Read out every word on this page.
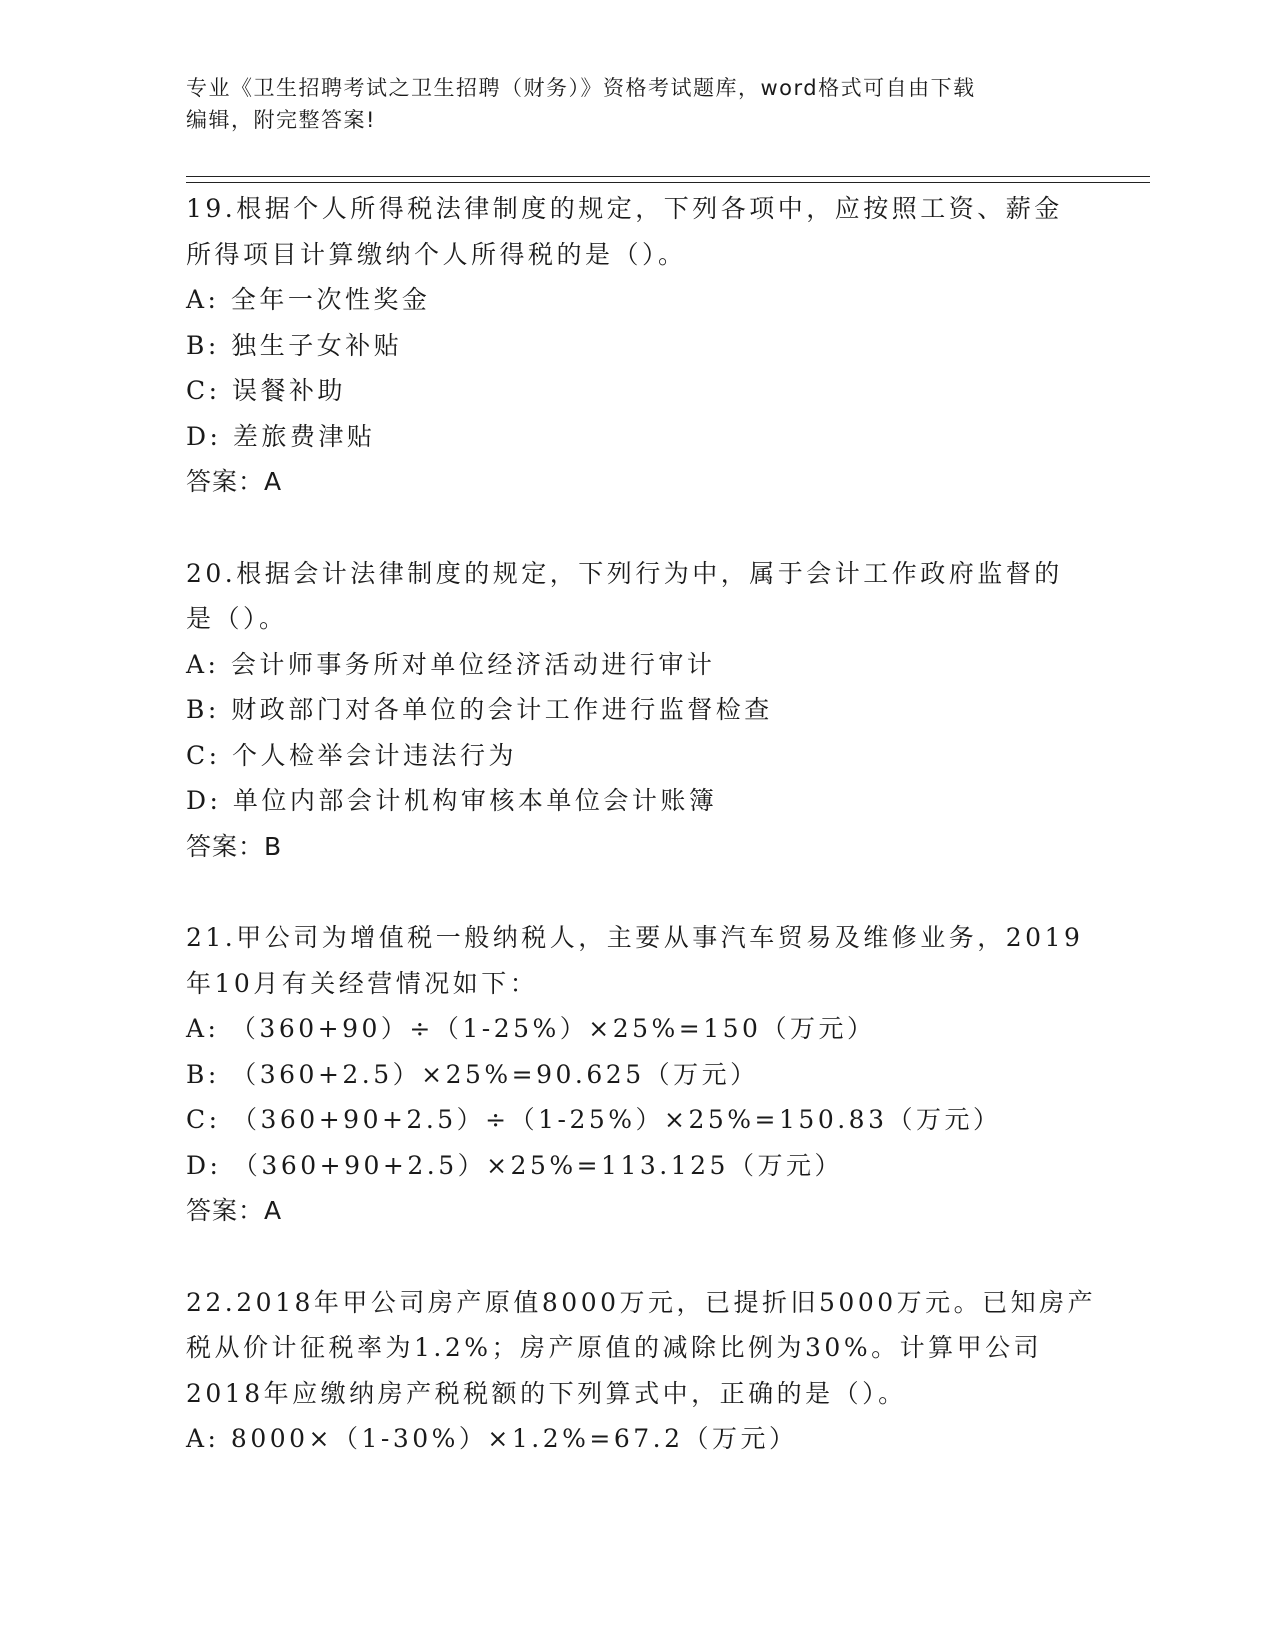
专业《卫生招聘考试之卫生招聘（财务）》资格考试题库，word格式可自由下载
编辑，附完整答案!
19.根据个人所得税法律制度的规定，下列各项中，应按照工资、薪金
所得项目计算缴纳个人所得税的是（）。
A: 全年一次性奖金
B: 独生子女补贴
C: 误餐补助
D: 差旅费津贴
答案：A
20.根据会计法律制度的规定，下列行为中，属于会计工作政府监督的
是（）。
A: 会计师事务所对单位经济活动进行审计
B: 财政部门对各单位的会计工作进行监督检查
C: 个人检举会计违法行为
D: 单位内部会计机构审核本单位会计账簿
答案：B
21.甲公司为增值税一般纳税人，主要从事汽车贸易及维修业务，2019
年10月有关经营情况如下：
A: （360+90）÷（1-25%）×25%=150（万元）
B: （360+2.5）×25%=90.625（万元）
C: （360+90+2.5）÷（1-25%）×25%=150.83（万元）
D: （360+90+2.5）×25%=113.125（万元）
答案：A
22.2018年甲公司房产原值8000万元，已提折旧5000万元。已知房产
税从价计征税率为1.2%；房产原值的减除比例为30%。计算甲公司
2018年应缴纳房产税税额的下列算式中，正确的是（）。
A: 8000×（1-30%）×1.2%=67.2（万元）
